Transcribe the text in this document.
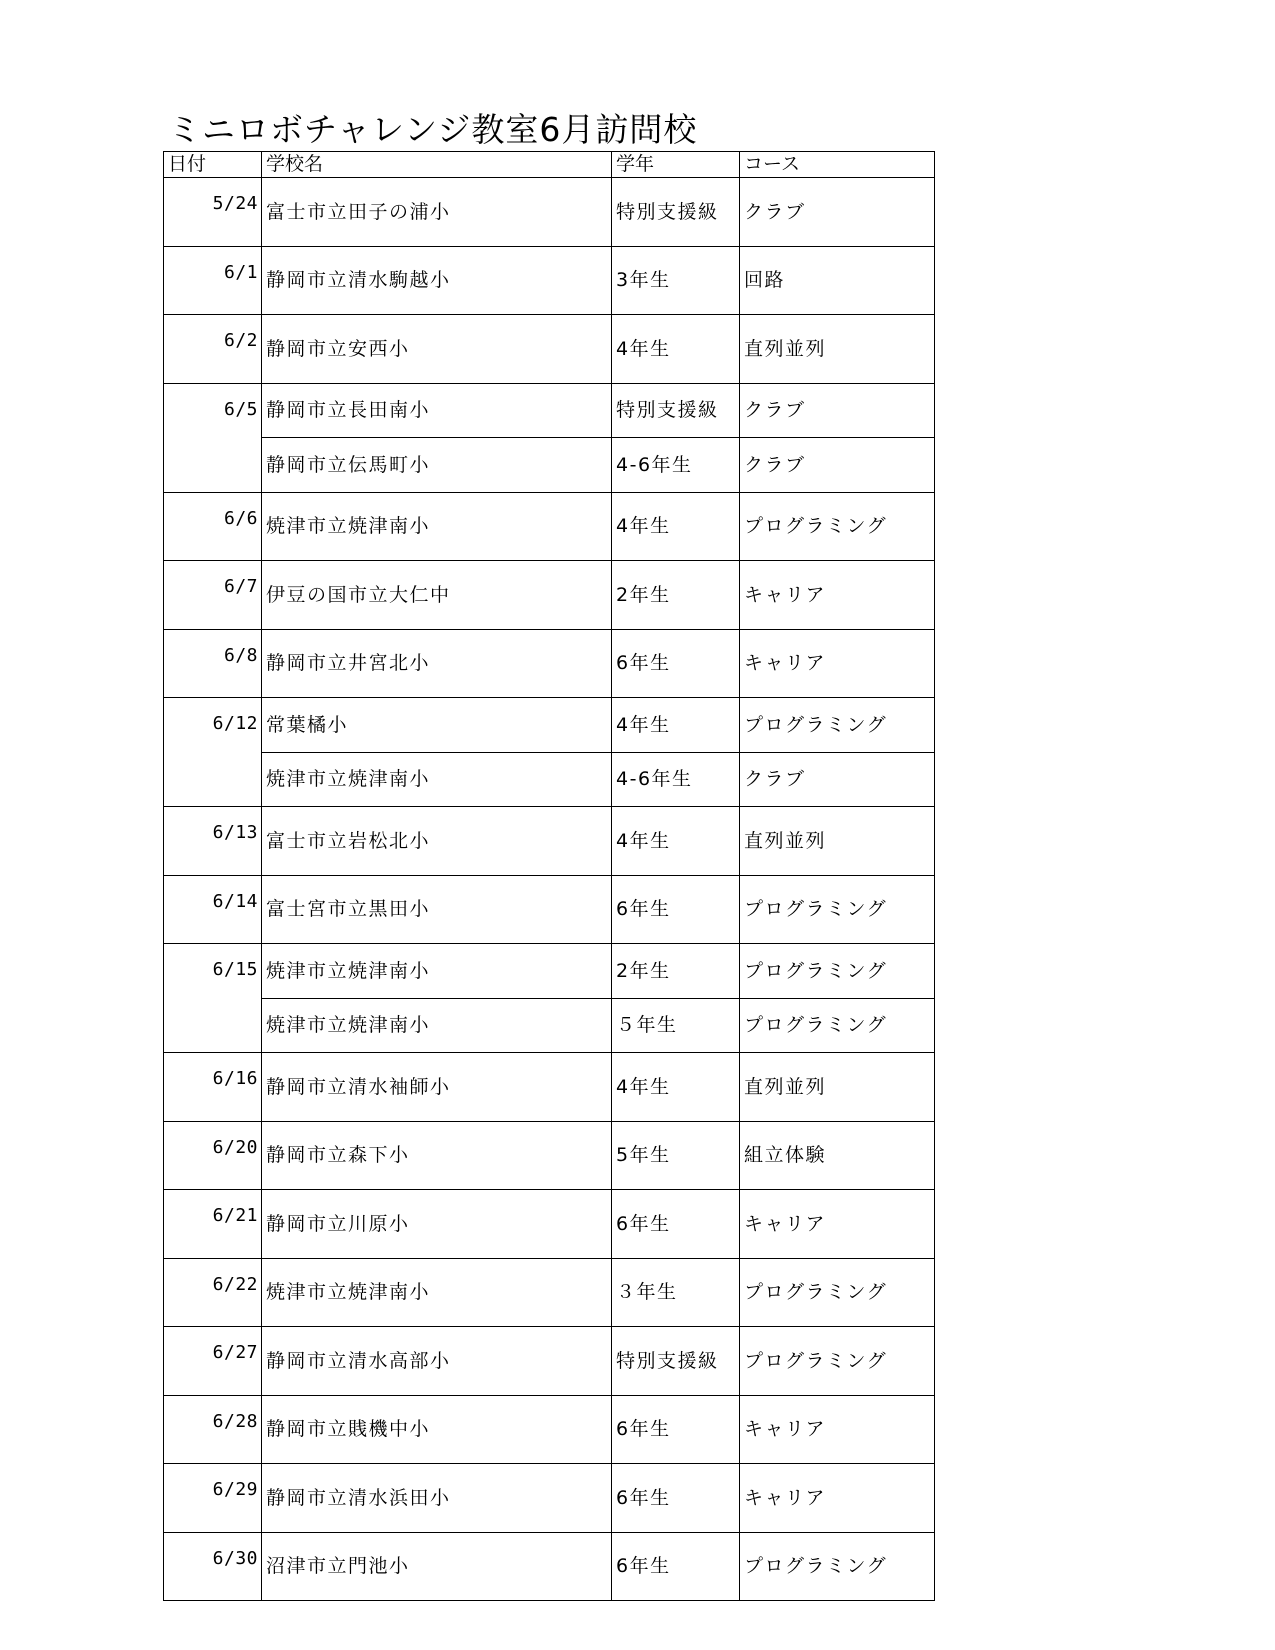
ミニロボチャレンジ教室6月訪問校
日付	学校名	学年	コース
5/24	富士市立田子の浦小	特別支援級	クラブ
6/1	静岡市立清水駒越小	3年生	回路
6/2	静岡市立安西小	4年生	直列並列
6/5	静岡市立長田南小	特別支援級	クラブ
	静岡市立伝馬町小	4-6年生	クラブ
6/6	焼津市立焼津南小	4年生	プログラミング
6/7	伊豆の国市立大仁中	2年生	キャリア
6/8	静岡市立井宮北小	6年生	キャリア
6/12	常葉橘小	4年生	プログラミング
	焼津市立焼津南小	4-6年生	クラブ
6/13	富士市立岩松北小	4年生	直列並列
6/14	富士宮市立黒田小	6年生	プログラミング
6/15	焼津市立焼津南小	2年生	プログラミング
	焼津市立焼津南小	５年生	プログラミング
6/16	静岡市立清水袖師小	4年生	直列並列
6/20	静岡市立森下小	5年生	組立体験
6/21	静岡市立川原小	6年生	キャリア
6/22	焼津市立焼津南小	３年生	プログラミング
6/27	静岡市立清水高部小	特別支援級	プログラミング
6/28	静岡市立賎機中小	6年生	キャリア
6/29	静岡市立清水浜田小	6年生	キャリア
6/30	沼津市立門池小	6年生	プログラミング
